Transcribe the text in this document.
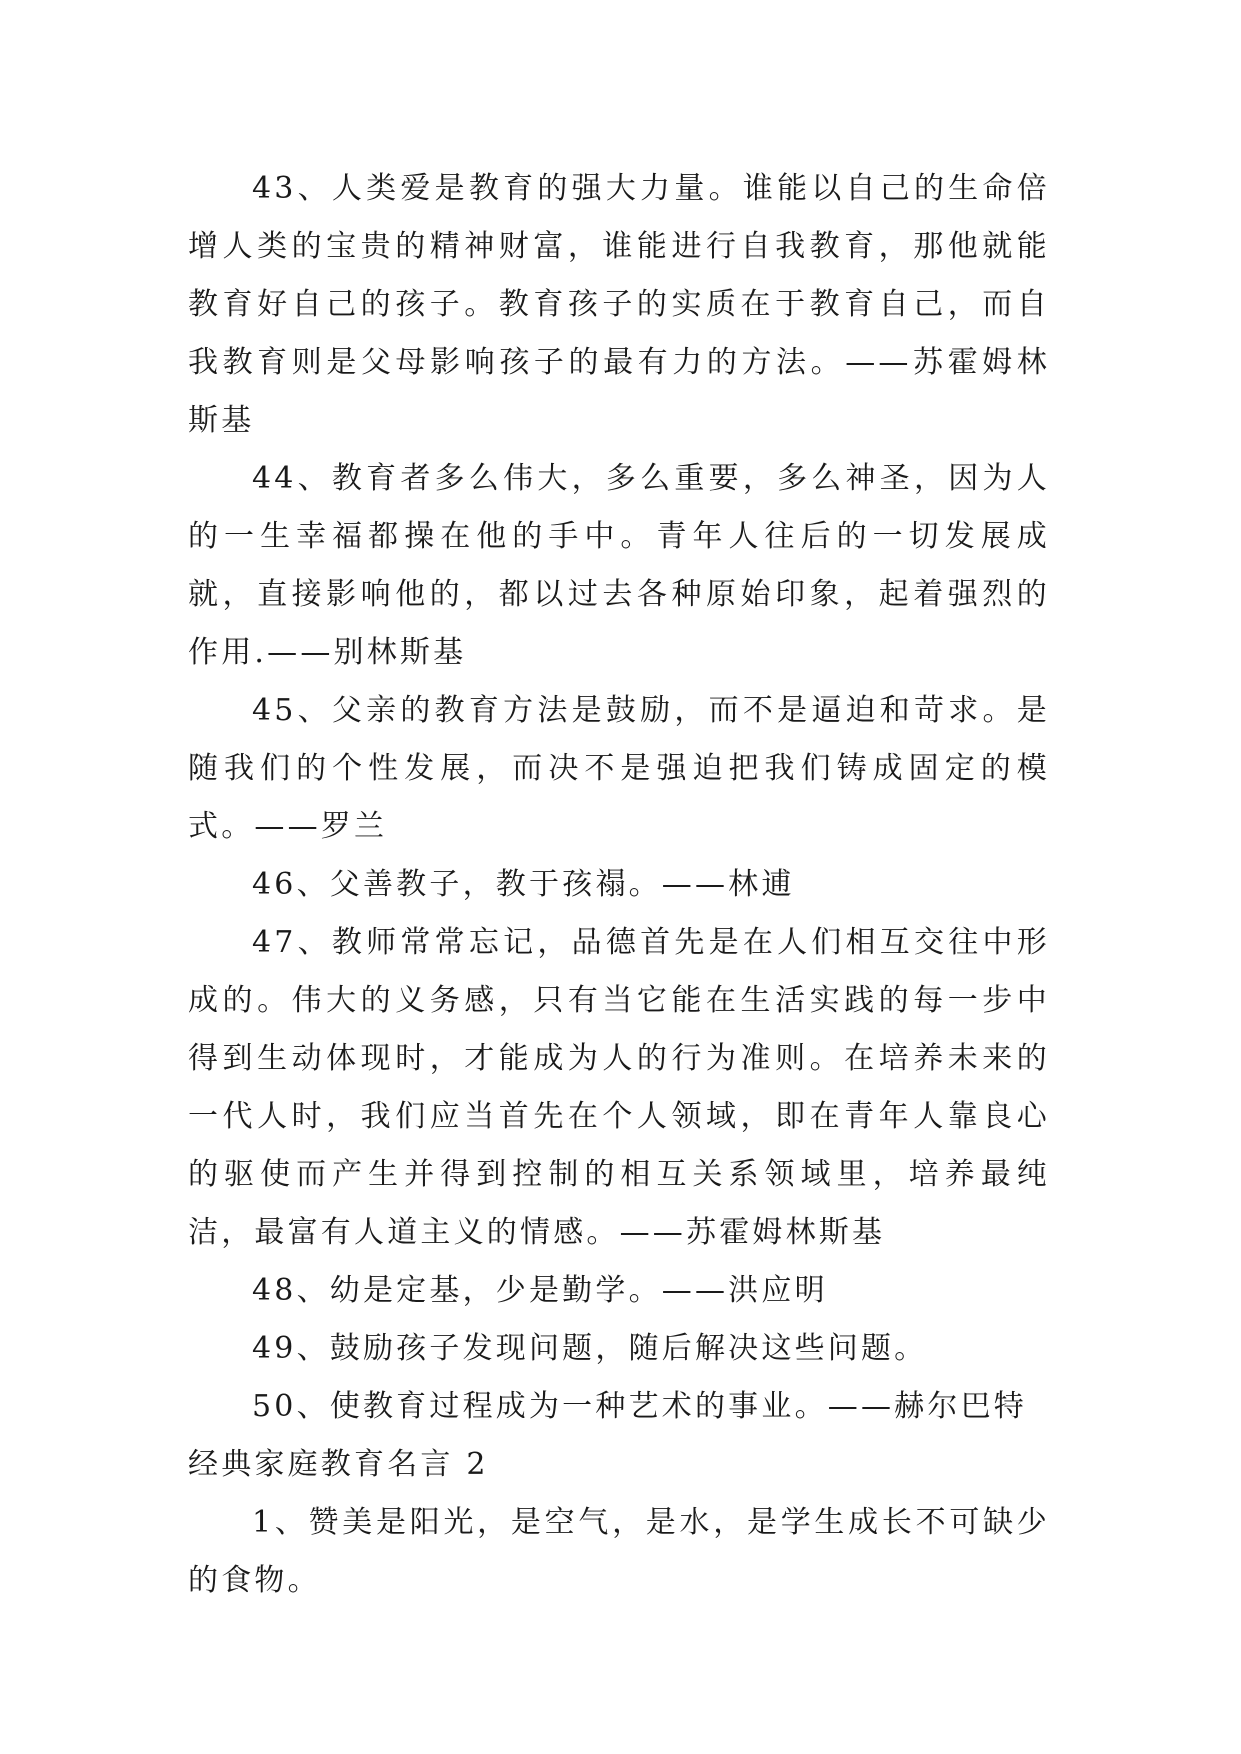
43、人类爱是教育的强大力量。谁能以自己的生命倍增人类的宝贵的精神财富，谁能进行自我教育，那他就能教育好自己的孩子。教育孩子的实质在于教育自己，而自我教育则是父母影响孩子的最有力的方法。——苏霍姆林斯基

44、教育者多么伟大，多么重要，多么神圣，因为人的一生幸福都操在他的手中。青年人往后的一切发展成就，直接影响他的，都以过去各种原始印象，起着强烈的作用.——别林斯基

45、父亲的教育方法是鼓励，而不是逼迫和苛求。是随我们的个性发展，而决不是强迫把我们铸成固定的模式。——罗兰

46、父善教子，教于孩禢。——林逋

47、教师常常忘记，品德首先是在人们相互交往中形成的。伟大的义务感，只有当它能在生活实践的每一步中得到生动体现时，才能成为人的行为准则。在培养未来的一代人时，我们应当首先在个人领域，即在青年人靠良心的驱使而产生并得到控制的相互关系领域里，培养最纯洁，最富有人道主义的情感。——苏霍姆林斯基

48、幼是定基，少是勤学。——洪应明

49、鼓励孩子发现问题，随后解决这些问题。

50、使教育过程成为一种艺术的事业。——赫尔巴特

经典家庭教育名言 2

1、赞美是阳光，是空气，是水，是学生成长不可缺少的食物。
